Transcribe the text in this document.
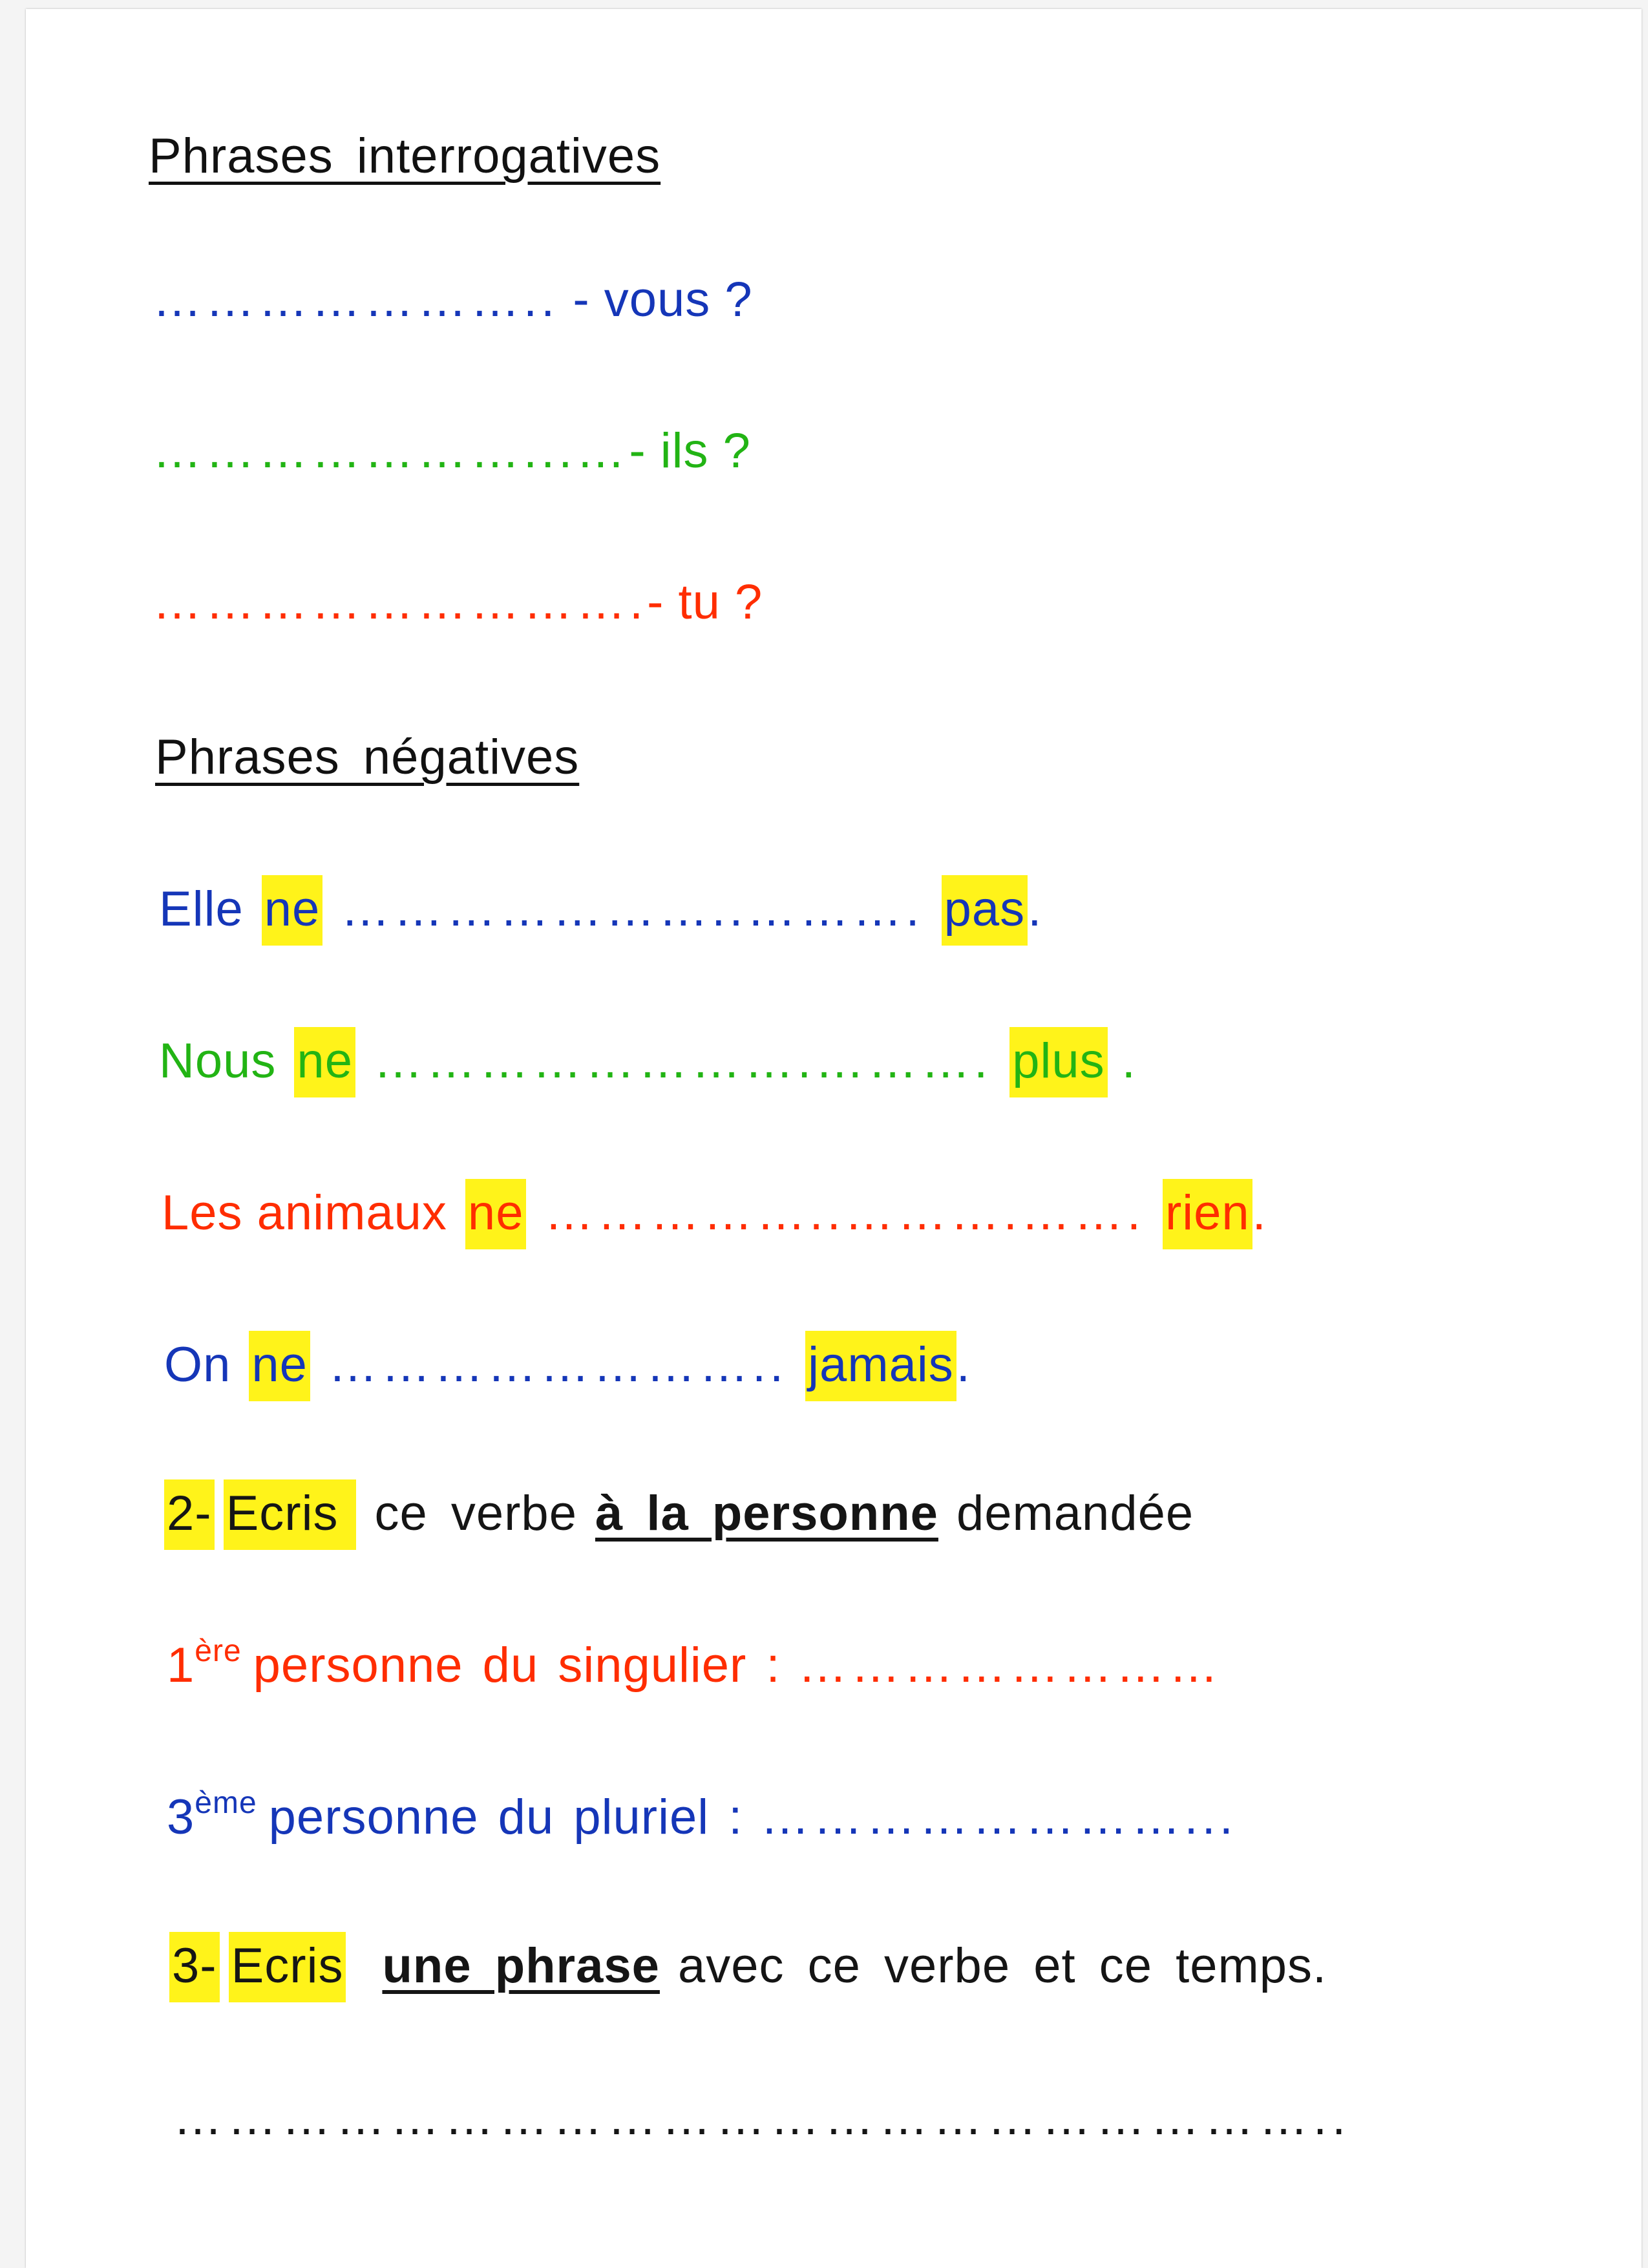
Phrases interrogatives
………………….. - vous ?
…………………...…- ils ?
……………………….- tu ?
Phrases négatives
Elle ne …………………..………. pas.
Nous ne …………………….………. plus .
Les animaux ne ……………..……….……. rien.
On ne …………………….. jamais.
2- Ecris ce verbe à la personne demandée
1ère personne du singulier : ……………………
3ème personne du pluriel : ……………………...
3- Ecris une phrase avec ce verbe et ce temps.
………………………………………………………..
